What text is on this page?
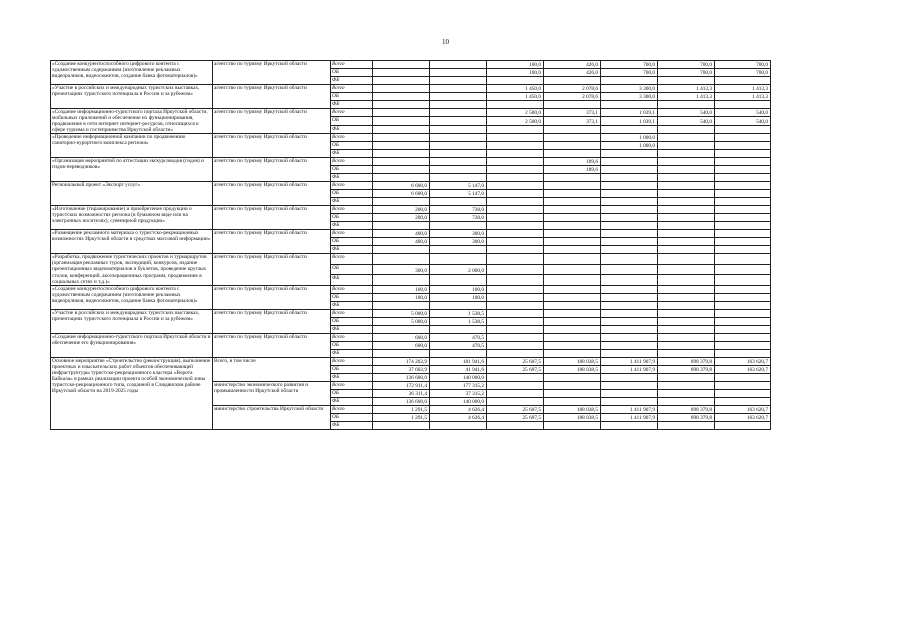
10
«Создание конкурентоспособного цифрового контента с художественным содержанием (изготовление рекламных видеороликов, видеосюжетов, создание банка фотоматериалов)»	агентство по туризму Иркутской области	Всего			100,0	426,0	700,0	700,0	700,0
		ОБ			100,0	426,0	700,0	700,0	700,0
		ФБ							
«Участие в российских и международных туристских выставках, презентациях туристского потенциала в России и за рубежом»	агентство по туризму Иркутской области	Всего			1 450,0	2 078,6	3 300,0	1 413,3	1 413,3
		ОБ			1 450,0	2 078,6	3 300,0	1 413,3	1 413,3
		ФБ							
«Создание информационно-туристского портала Иркутской области, мобильных приложений и обеспечение их функционирования, продвижение в сети интернет интернет-ресурсов, относящихся к сфере туризма и гостеприимства Иркутской области»	агентство по туризму Иркутской области	Всего			2 500,0	373,1	1 039,1	540,0	540,0
		ОБ			2 500,0	373,1	1 039,1	540,0	540,0
		ФБ							
«Проведение информационной кампании по продвижению санаторно-курортного комплекса региона»	агентство по туризму Иркутской области	Всего					1 000,0		
		ОБ					1 000,0		
		ФБ							
«Организация мероприятий по аттестации экскурсоводов (гидов) и гидов-переводчиков»	агентство по туризму Иркутской области	Всего				189,6			
		ОБ				189,6			
		ФБ							
Региональный проект «Экспорт услуг»	агентство по туризму Иркутской области	Всего	6 600,0	5 147,0					
		ОБ	6 600,0	5 147,0					
		ФБ							
«Изготовление (тиражирование) и приобретение продукции о туристских возможностях региона (в бумажном виде или на электронных носителях), сувенирной продукции»	агентство по туризму Иркутской области	Всего	200,0	738,0					
		ОБ	200,0	738,0					
		ФБ							
«Размещение рекламного материала о туристско-рекреационных возможностях Иркутской области в средствах массовой информации»	агентство по туризму Иркутской области	Всего	400,0	300,0					
		ОБ	400,0	300,0					
		ФБ							
«Разработка, продвижение туристических проектов и турмаршрутов (организация рекламных туров, экспедиций, конкурсов, издание презентационных видеоматериалов и буклетов, проведение круглых столов, конференций, акселерационных программ, продвижение в социальных сетях и т.д.)»	агентство по туризму Иркутской области	Всего							
		ОБ	300,0	2 000,0					
		ФБ							
«Создание конкурентоспособного цифрового контента с художественным содержанием (изготовление рекламных видеороликов, видеосюжетов, создание банка фотоматериалов)»	агентство по туризму Иркутской области	Всего	100,0	100,0					
		ОБ	100,0	100,0					
		ФБ							
«Участие в российских и международных туристских выставках, презентациях туристского потенциала в России и за рубежом»	агентство по туризму Иркутской области	Всего	5 000,0	1 538,5					
		ОБ	5 000,0	1 538,5					
		ФБ							
«Создание информационно-туристского портала Иркутской области и обеспечение его функционирования»	агентство по туризму Иркутской области	Всего	600,0	470,5					
		ОБ	600,0	470,5					
		ФБ							
Основное мероприятие «Строительство (реконструкция), выполнение проектных и изыскательских работ объектов обеспечивающей инфраструктуры туристско-рекреационного кластера «Ворота Байкала» в рамках реализации проекта особой экономической зоны туристско-рекреационного типа, созданной в Слюдянском районе Иркутской области на 2019-2025 годы	Всего, в том числе	Всего	174 202,9	181 941,6	25 607,5	188 038,5	1 411 907,9	898 379,8	163 620,7
		ОБ	37 602,9	41 941,6	25 607,5	188 038,5	1 411 907,9	898 379,8	163 620,7
		ФБ	136 600,0	140 000,0					
	министерство экономического развития и промышленности Иркутской области	Всего	172 911,4	177 315,2					
		ОБ	36 311,4	37 315,2					
		ФБ	136 600,0	140 000,0					
	министерство строительства Иркутской области	Всего	1 291,5	4 626,4	25 607,5	188 038,5	1 411 907,9	898 379,8	163 620,7
		ОБ	1 291,5	4 626,4	25 607,5	188 038,5	1 411 907,9	898 379,8	163 620,7
		ФБ							
